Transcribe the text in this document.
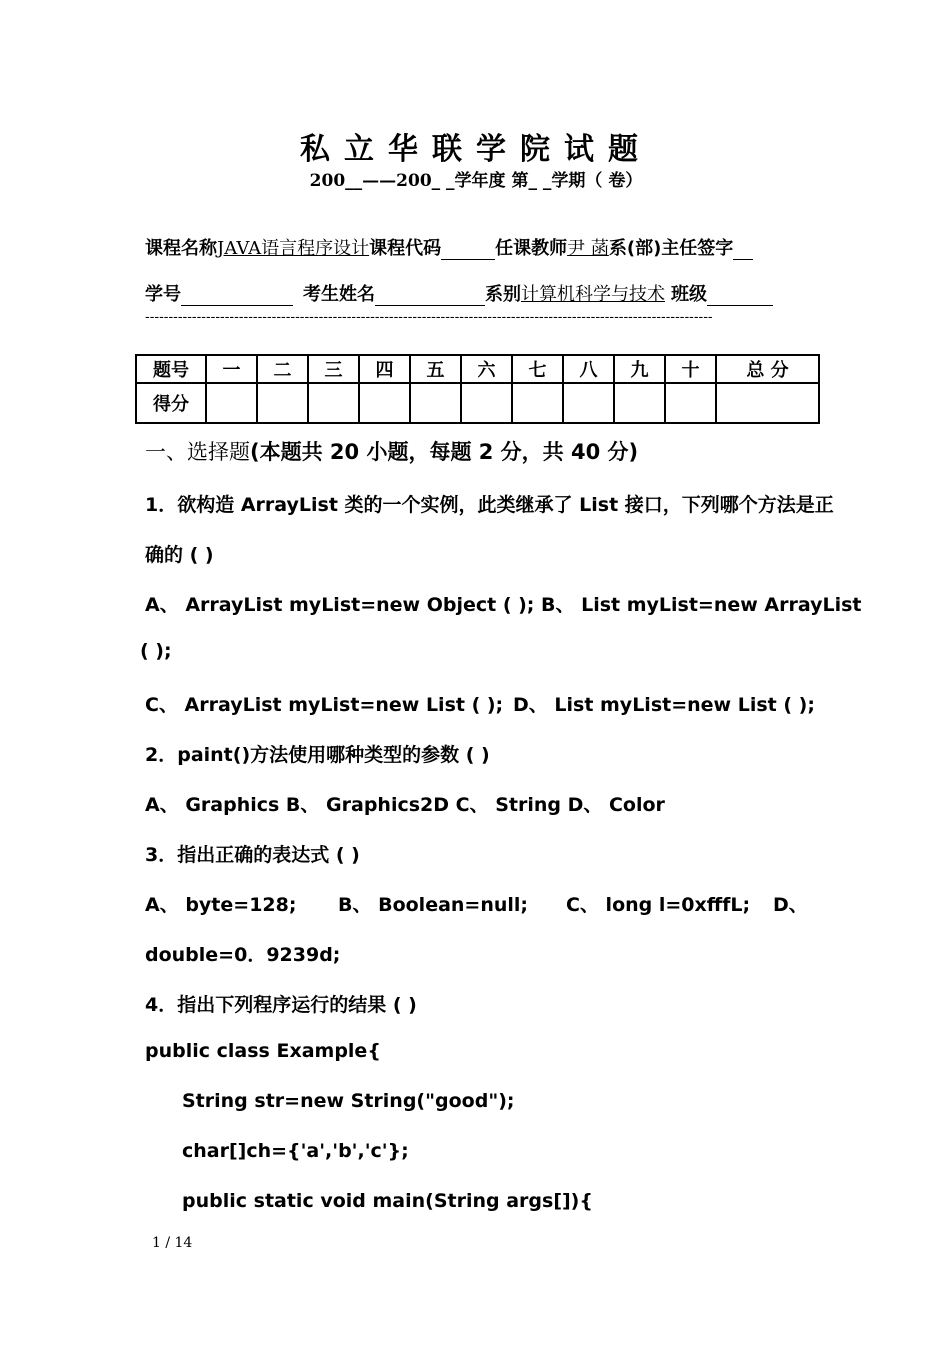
私立华联学院试题
200__——200_ _学年度 第_ _学期（ 卷）
课程名称JAVA语言程序设计课程代码	任课教师尹 菡系(部)主任签字
学号	考生姓名	系别计算机科学与技术 班级
-------------------------------------------------------------------------------------------------------------------------
题号	一	二	三	四	五	六	七	八	九	十	总 分
得分											
一、选择题(本题共 20 小题，每题 2 分，共 40 分)
1．欲构造 ArrayList 类的一个实例，此类继承了 List 接口，下列哪个方法是正
确的 ( )
A、 ArrayList myList=new Object ( ); B、 List myList=new ArrayList
( );
C、 ArrayList myList=new List ( ); D、 List myList=new List ( );
2．paint()方法使用哪种类型的参数 ( )
A、 Graphics B、 Graphics2D C、 String D、 Color
3．指出正确的表达式 ( )
A、 byte=128; B、 Boolean=null; C、 long l=0xfffL; D、
double=0．9239d;
4．指出下列程序运行的结果 ( )
public class Example{
String str=new String("good");
char[]ch={'a','b','c'};
public static void main(String args[]){
1 / 14
